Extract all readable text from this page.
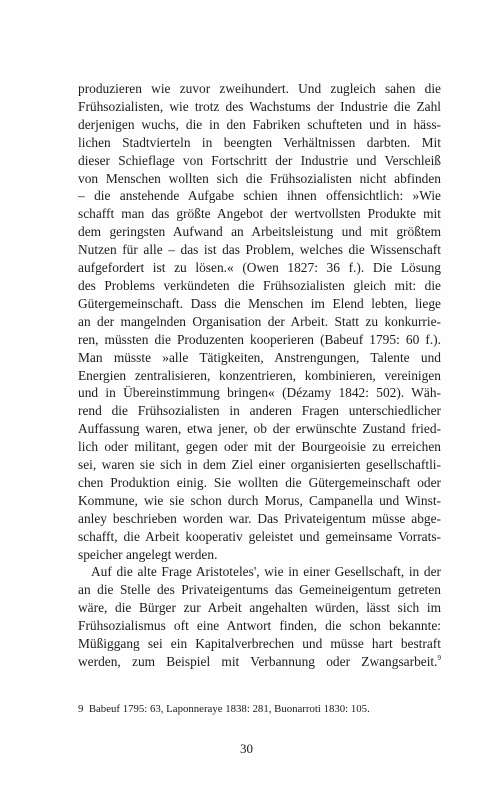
produzieren wie zuvor zweihundert. Und zugleich sahen die
Frühsozialisten, wie trotz des Wachstums der Industrie die Zahl
derjenigen wuchs, die in den Fabriken schufteten und in häss-
lichen Stadtvierteln in beengten Verhältnissen darbten. Mit
dieser Schieflage von Fortschritt der Industrie und Verschleiß
von Menschen wollten sich die Frühsozialisten nicht abfinden
– die anstehende Aufgabe schien ihnen offensichtlich: »Wie
schafft man das größte Angebot der wertvollsten Produkte mit
dem geringsten Aufwand an Arbeitsleistung und mit größtem
Nutzen für alle – das ist das Problem, welches die Wissenschaft
aufgefordert ist zu lösen.« (Owen 1827: 36 f.). Die Lösung
des Problems verkündeten die Frühsozialisten gleich mit: die
Gütergemeinschaft. Dass die Menschen im Elend lebten, liege
an der mangelnden Organisation der Arbeit. Statt zu konkurrie-
ren, müssten die Produzenten kooperieren (Babeuf 1795: 60 f.).
Man müsste »alle Tätigkeiten, Anstrengungen, Talente und
Energien zentralisieren, konzentrieren, kombinieren, vereinigen
und in Übereinstimmung bringen« (Dézamy 1842: 502). Wäh-
rend die Frühsozialisten in anderen Fragen unterschiedlicher
Auffassung waren, etwa jener, ob der erwünschte Zustand fried-
lich oder militant, gegen oder mit der Bourgeoisie zu erreichen
sei, waren sie sich in dem Ziel einer organisierten gesellschaftli-
chen Produktion einig. Sie wollten die Gütergemeinschaft oder
Kommune, wie sie schon durch Morus, Campanella und Winst-
anley beschrieben worden war. Das Privateigentum müsse abge-
schafft, die Arbeit kooperativ geleistet und gemeinsame Vorrats-
speicher angelegt werden.
Auf die alte Frage Aristoteles', wie in einer Gesellschaft, in der
an die Stelle des Privateigentums das Gemeineigentum getreten
wäre, die Bürger zur Arbeit angehalten würden, lässt sich im
Frühsozialismus oft eine Antwort finden, die schon bekannte:
Müßiggang sei ein Kapitalverbrechen und müsse hart bestraft
werden, zum Beispiel mit Verbannung oder Zwangsarbeit.$^9$
9 Babeuf 1795: 63, Laponneraye 1838: 281, Buonarroti 1830: 105.
30
